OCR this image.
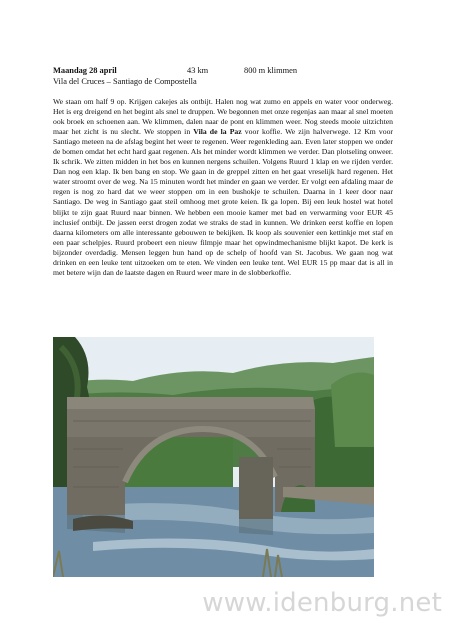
Maandag 28 april	43 km	800 m klimmen
Vila del Cruces – Santiago de Compostella

We staan om half 9 op. Krijgen cakejes als ontbijt. Halen nog wat zumo en appels en water voor onderweg. Het is erg dreigend en het begint als snel te druppen. We begonnen met onze regenjas aan maar al snel moeten ook broek en schoenen aan. We klimmen, dalen naar de pont en klimmen weer. Nog steeds mooie uitzichten maar het zicht is nu slecht. We stoppen in Vila de la Paz voor koffie. We zijn halverwege. 12 Km voor Santiago meteen na de afslag begint het weer te regenen. Weer regenkleding aan. Even later stoppen we onder de bomen omdat het echt hard gaat regenen. Als het minder wordt klimmen we verder. Dan plotseling onweer. Ik schrik. We zitten midden in het bos en kunnen nergens schuilen. Volgens Ruurd 1 klap en we rijden verder. Dan nog een klap. Ik ben bang en stop. We gaan in de greppel zitten en het gaat vreselijk hard regenen. Het water stroomt over de weg. Na 15 minuten wordt het minder en gaan we verder. Er volgt een afdaling maar de regen is nog zo hard dat we weer stoppen om in een bushokje te schuilen. Daarna in 1 keer door naar Santiago. De weg in Santiago gaat steil omhoog met grote keien. Ik ga lopen. Bij een leuk hostel wat hotel blijkt te zijn gaat Ruurd naar binnen. We hebben een mooie kamer met bad en verwarming voor EUR 45 inclusief ontbijt. De jassen eerst drogen zodat we straks de stad in kunnen. We drinken eerst koffie en lopen daarna kilometers om alle interessante gebouwen te bekijken. Ik koop als souvenier een kettinkje met staf en een paar schelpjes. Ruurd probeert een nieuw filmpje maar het opwindmechanisme blijkt kapot. De kerk is bijzonder overdadig. Mensen leggen hun hand op de schelp of hoofd van St. Jacobus. We gaan nog wat drinken en een leuke tent uitzoeken om te eten. We vinden een leuke tent. Wel EUR 15 pp maar dat is all in met betere wijn dan de laatste dagen en Ruurd weer mare in de slobberkoffie.

www.idenburg.net
